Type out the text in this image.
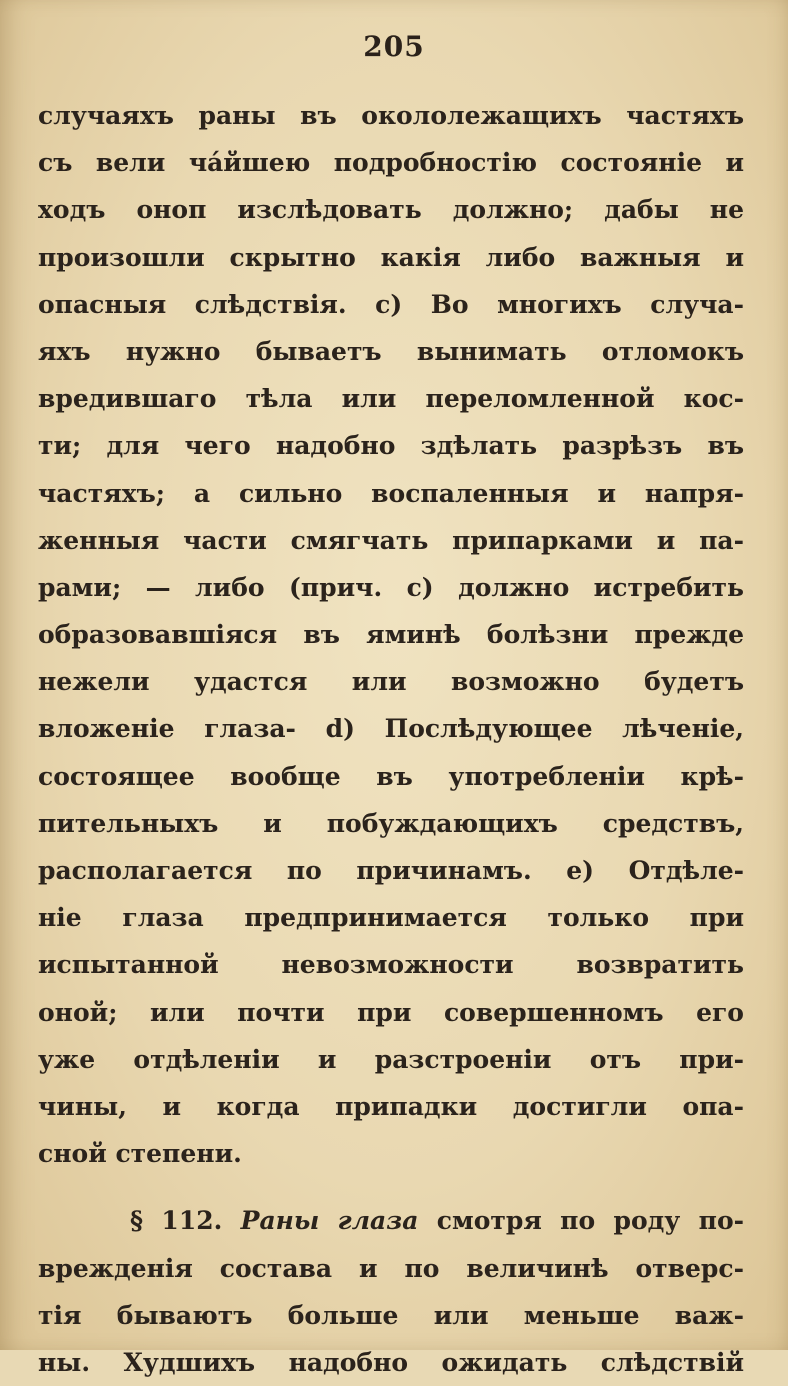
205
случаяхъ раны въ окололежащихъ частяхъ
съ вели ча́йшею подробностію состояніе и
ходъ оноп изслѣдовать должно; дабы не
произошли скрытно какія либо важныя и
опасныя слѣдствія. с) Во многихъ случа-
яхъ нужно бываетъ вынимать отломокъ
вредившаго тѣла или переломленной кос-
ти; для чего надобно здѣлать разрѣзъ въ
частяхъ; а сильно воспаленныя и напря-
женныя части смягчать припарками и па-
рами; — либо (прич. с) должно истребить
образовавшіяся въ яминѣ болѣзни прежде
нежели удастся или возможно будетъ
вложеніе глаза- d) Послѣдующее лѣченіе,
состоящее вообще въ употребленіи крѣ-
пительныхъ и побуждающихъ средствъ,
располагается по причинамъ. е) Отдѣле-
ніе глаза предпринимается только при
испытанной невозможности возвратить
оной; или почти при совершенномъ его
уже отдѣленіи и разстроеніи отъ при-
чины, и когда припадки достигли опа-
сной степени.
§ 112. Раны глаза смотря по роду по-
врежденія состава и по величинѣ отверс-
тія бываютъ больше или меньше важ-
ны. Худшихъ надобно ожидать слѣдствій
